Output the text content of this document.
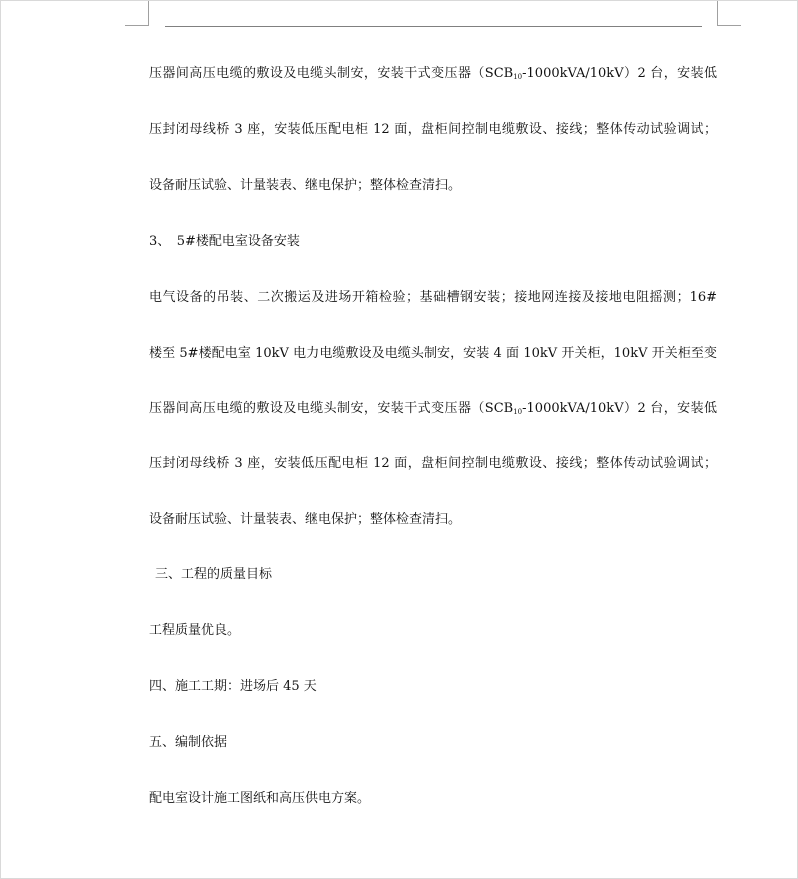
压器间高压电缆的敷设及电缆头制安，安装干式变压器$(SCB_{10}-1000kVA/10kV)2$ 台，安装低
压封闭母线桥 3 座，安装低压配电柜 12 面，盘柜间控制电缆敷设、接线；整体传动试验调试；
设备耐压试验、计量装表、继电保护；整体检查清扫。
3、　5#楼配电室设备安装
电气设备的吊装、二次搬运及进场开箱检验；基础槽钢安装；接地网连接及接地电阻摇测；16#
楼至 5#楼配电室 10kV 电力电缆敷设及电缆头制安，安装 4 面 10kV 开关柜，10kV 开关柜至变
压器间高压电缆的敷设及电缆头制安，安装干式变压器$(SCB_{10}-1000kVA/10kV)2$ 台，安装低
压封闭母线桥 3 座，安装低压配电柜 12 面，盘柜间控制电缆敷设、接线；整体传动试验调试；
设备耐压试验、计量装表、继电保护；整体检查清扫。
三、工程的质量目标
工程质量优良。
四、施工工期：进场后 45 天
五、编制依据
配电室设计施工图纸和高压供电方案。
